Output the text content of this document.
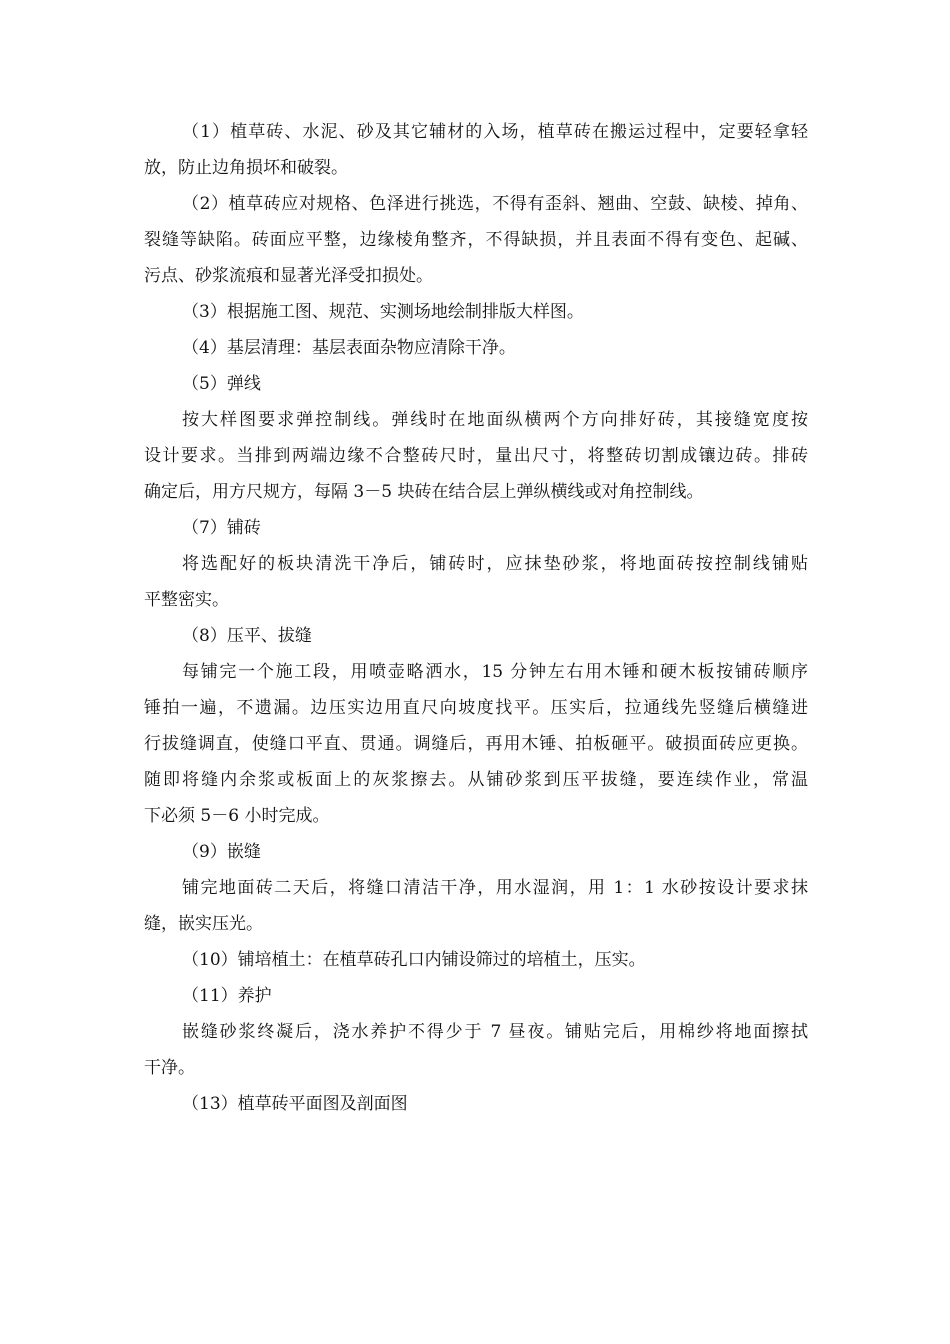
（1）植草砖、水泥、砂及其它辅材的入场，植草砖在搬运过程中，定要轻拿轻
放，防止边角损坏和破裂。
（2）植草砖应对规格、色泽进行挑选，不得有歪斜、翘曲、空鼓、缺棱、掉角、
裂缝等缺陷。砖面应平整，边缘棱角整齐，不得缺损，并且表面不得有变色、起碱、
污点、砂浆流痕和显著光泽受扣损处。
（3）根据施工图、规范、实测场地绘制排版大样图。
（4）基层清理：基层表面杂物应清除干净。
（5）弹线
按大样图要求弹控制线。弹线时在地面纵横两个方向排好砖，其接缝宽度按
设计要求。当排到两端边缘不合整砖尺时，量出尺寸，将整砖切割成镶边砖。排砖
确定后，用方尺规方，每隔 3－5 块砖在结合层上弹纵横线或对角控制线。
（7）铺砖
将选配好的板块清洗干净后，铺砖时，应抹垫砂浆，将地面砖按控制线铺贴
平整密实。
（8）压平、拔缝
每铺完一个施工段，用喷壶略洒水，15 分钟左右用木锤和硬木板按铺砖顺序
锤拍一遍，不遗漏。边压实边用直尺向坡度找平。压实后，拉通线先竖缝后横缝进
行拔缝调直，使缝口平直、贯通。调缝后，再用木锤、拍板砸平。破损面砖应更换。
随即将缝内余浆或板面上的灰浆擦去。从铺砂浆到压平拔缝，要连续作业，常温
下必须 5－6 小时完成。
（9）嵌缝
铺完地面砖二天后，将缝口清洁干净，用水湿润，用 1：1 水砂按设计要求抹
缝，嵌实压光。
（10）铺培植土：在植草砖孔口内铺设筛过的培植土，压实。
（11）养护
嵌缝砂浆终凝后，浇水养护不得少于 7 昼夜。铺贴完后，用棉纱将地面擦拭
干净。
（13）植草砖平面图及剖面图
